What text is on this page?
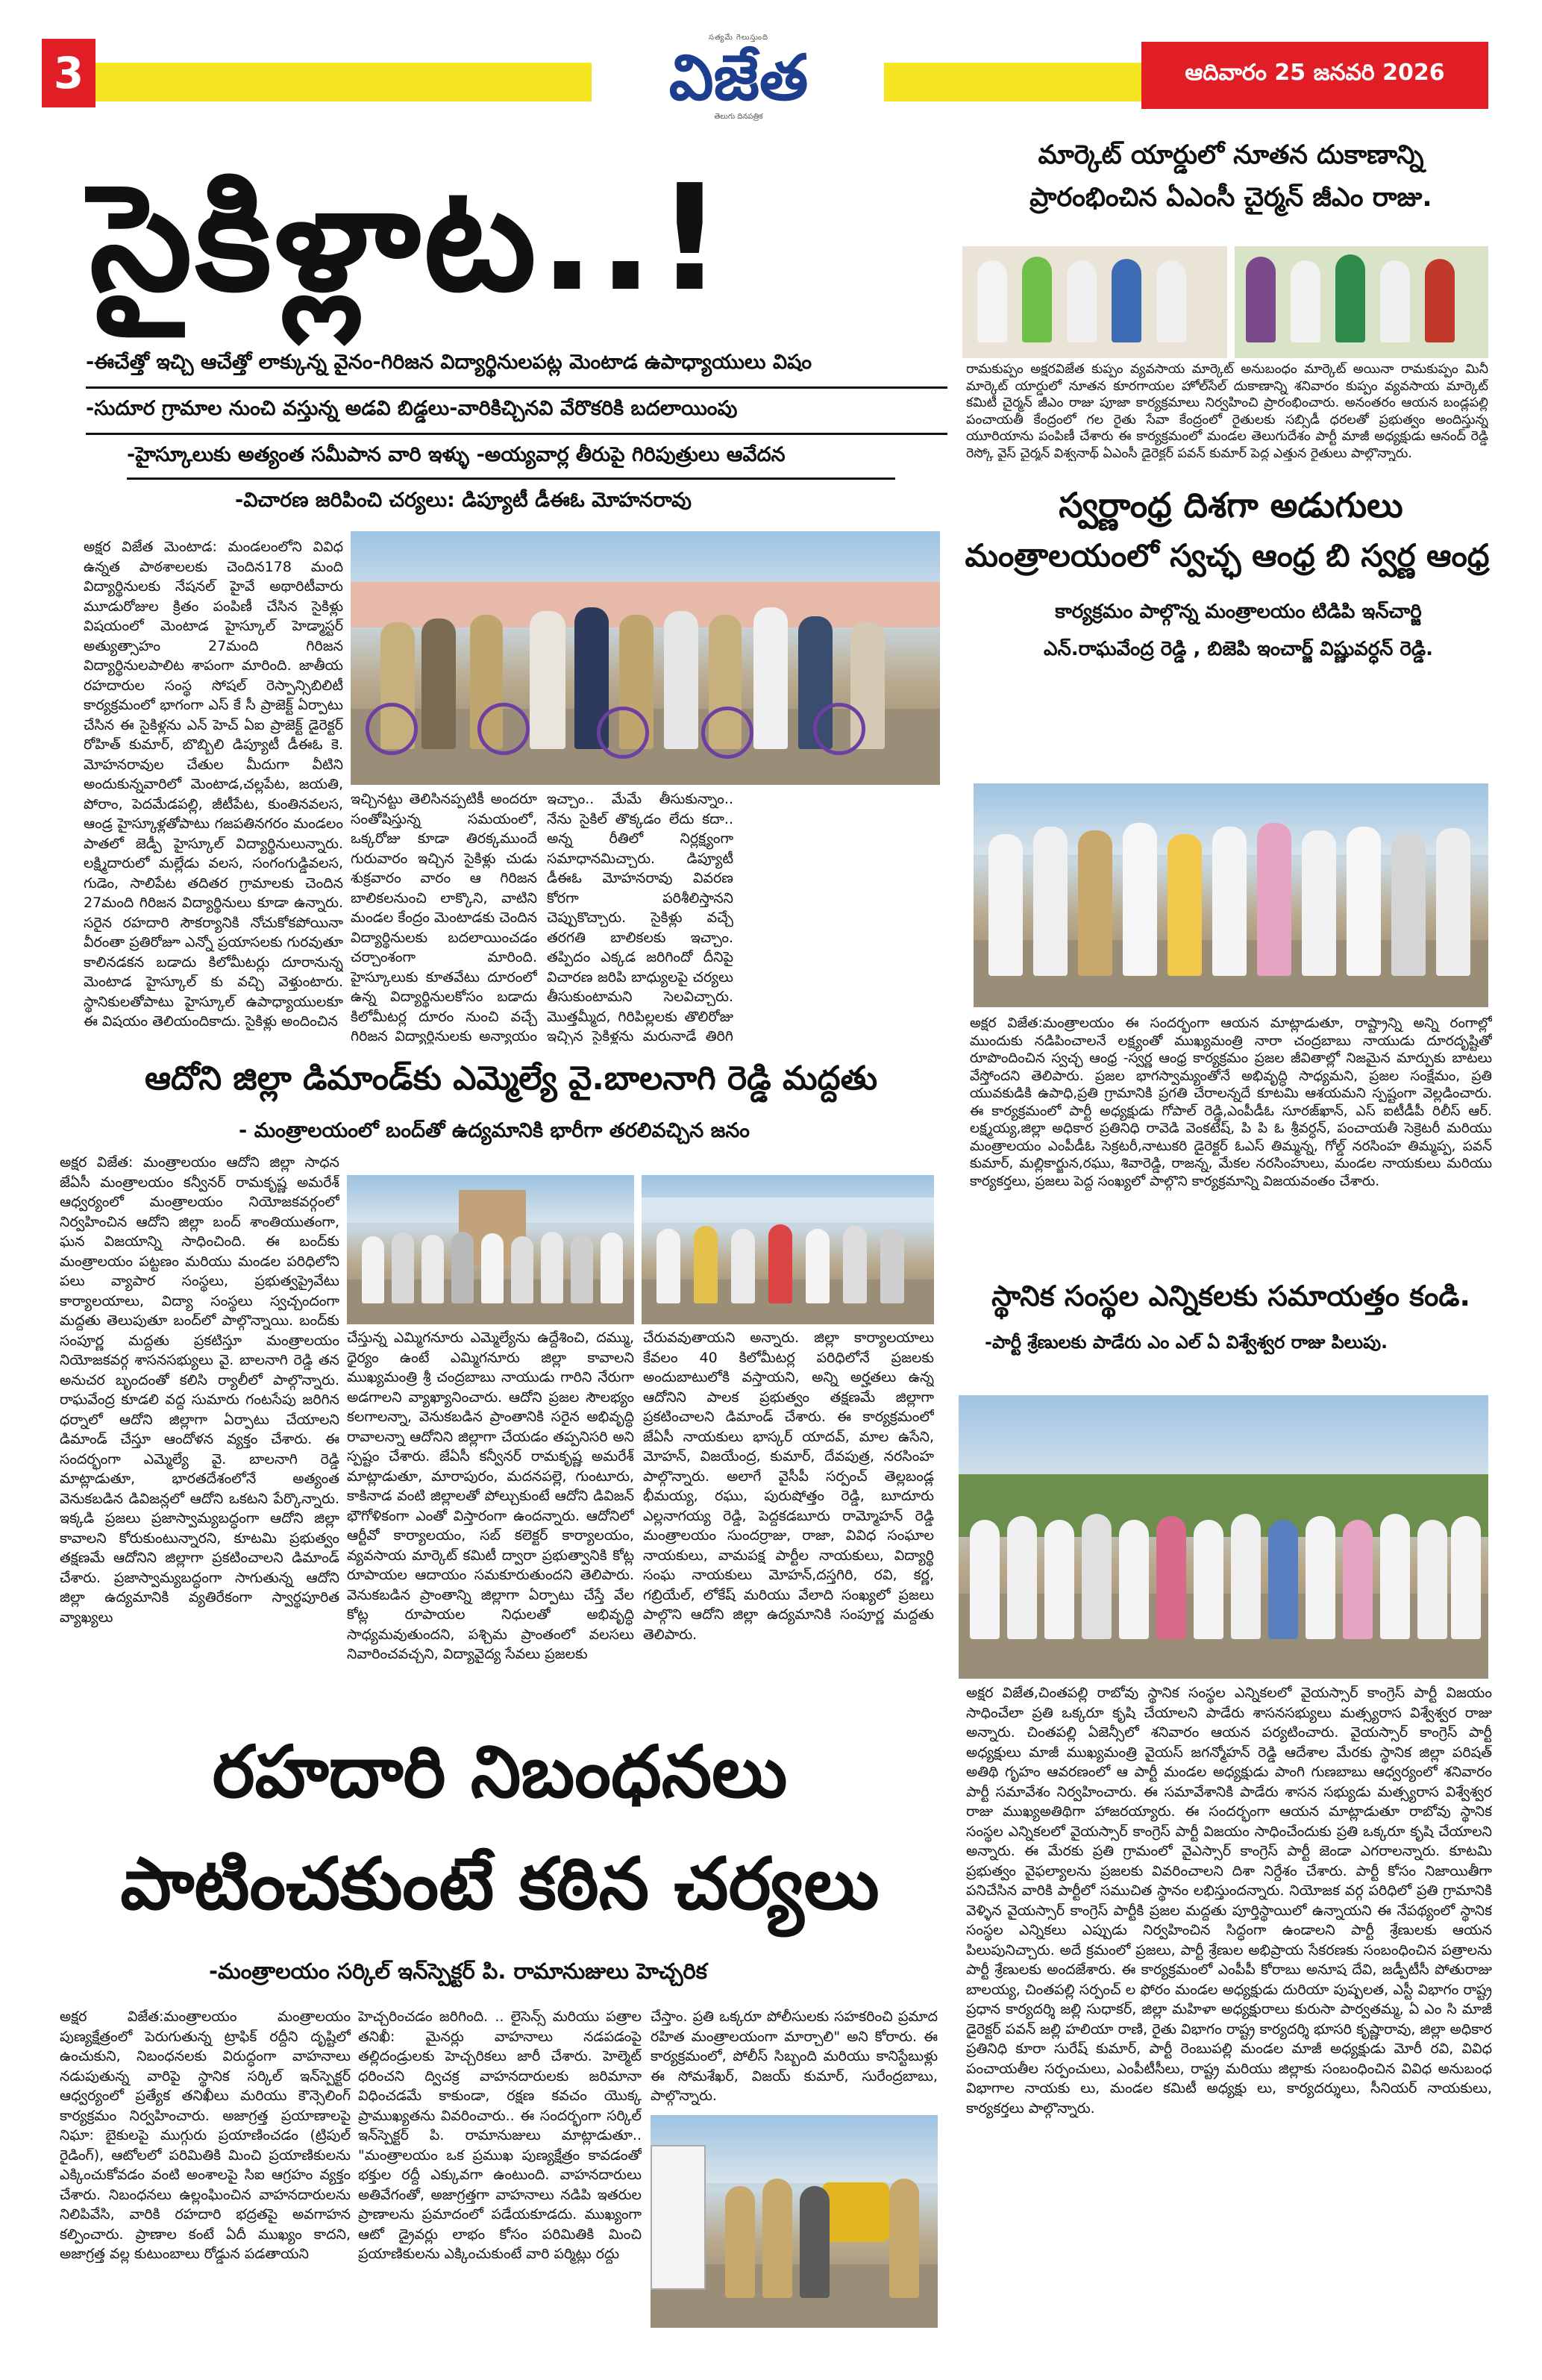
3
సత్యమే గెలుస్తుంది
విజేత
తెలుగు దినపత్రిక
ఆదివారం 25 జనవరి 2026
సైకిళ్లాట..!
-ఈచేత్తో ఇచ్చి ఆచేత్తో లాక్కున్న వైనం-గిరిజన విద్యార్థినులపట్ల మెంటాడ ఉపాధ్యాయులు విషం
-సుదూర గ్రామాల నుంచి వస్తున్న అడవి బిడ్డలు-వారికిచ్చినవి వేరొకరికి బదలాయింపు
-హైస్కూలుకు అత్యంత సమీపాన వారి ఇళ్ళు -అయ్యవార్ల తీరుపై గిరిపుత్రులు ఆవేదన
-విచారణ జరిపించి చర్యలు: డిప్యూటీ డీఈఓ మోహనరావు
అక్షర విజేత మెంటాడ: మండలంలోని వివిధ ఉన్నత పాఠశాలలకు చెందిన178 మంది విద్యార్థినులకు నేషనల్ హైవే అథారిటీవారు మూడురోజుల క్రితం పంపిణీ చేసిన సైకిళ్లు విషయంలో మెంటాడ హైస్కూల్ హెడ్మాస్టర్ అత్యుత్సాహం 27మంది గిరిజన విద్యార్థినులపాలిట శాపంగా మారింది. జాతీయ రహదారుల సంస్థ సోషల్ రెస్పాన్సిబిలిటీ కార్యక్రమంలో భాగంగా ఎస్ కే సీ ప్రాజెక్ట్ ఏర్పాటు చేసిన ఈ సైకిళ్లను ఎన్ హెచ్ ఏఐ ప్రాజెక్ట్ డైరెక్టర్ రోహిత్ కుమార్, బొబ్బిలి డిప్యూటీ డీఈఓ కె. మోహనరావుల చేతుల మీదుగా వీటిని అందుకున్నవారిలో మెంటాడ,చల్లపేట, జయతి, పోరాం, పెదమేడపల్లి, జీటీపేట, కుంతినవలస, ఆండ్ర హైస్కూళ్లతోపాటు గజపతినగరం మండలం పాతలో జెడ్పీ హైస్కూల్ విద్యార్థినులున్నారు. లక్ష్మిదారులో మల్లేడు వలస, సంగంగుడ్డివలస, గుడెం, సాలిపేట తదితర గ్రామాలకు చెందిన 27మంది గిరిజన విద్యార్థినులు కూడా ఉన్నారు. సరైన రహదారి సౌకర్యానికి నోచుకోకపోయినా వీరంతా ప్రతిరోజూ ఎన్నో ప్రయాసలకు గురవుతూ కాలినడకన బడాదు కిలోమీటర్లు దూరానున్న మెంటాడ హైస్కూల్ కు వచ్చి వెళ్తుంటారు. స్థానికులతోపాటు హైస్కూల్ ఉపాధ్యాయులకూ ఈ విషయం తెలియందికాదు. సైకిళ్లు అందించిన
ఇచ్చినట్టు తెలిసినప్పటికీ అందరూ సంతోషిస్తున్న సమయంలో, ఒక్కరోజు కూడా తిరక్కముందే గురువారం ఇచ్చిన సైకిళ్లు చుడు శుక్రవారం వారం ఆ గిరిజన బాలికలనుంచి లాక్కొని, వాటిని మండల కేంద్రం మెంటాడకు చెందిన విద్యార్థినులకు బదలాయించడం చర్చాంశంగా మారింది. హైస్కూలుకు కూతవేటు దూరంలో ఉన్న విద్యార్థినులకోసం బడాదు కిలోమీటర్ల దూరం నుంచి వచ్చే గిరిజన విద్యార్థినులకు అన్యాయం
ఇచ్చాం.. మేమే తీసుకున్నాం.. నేను సైకిల్ తొక్కడం లేదు కదా.. అన్న రీతిలో నిర్లక్ష్యంగా సమాధానమిచ్చారు. డిప్యూటీ డీఈఓ మోహనరావు వివరణ కోరగా పరిశీలిస్తానని చెప్పుకొచ్చారు. సైకిళ్లు వచ్చే తరగతి బాలికలకు ఇచ్చాం. తప్పిదం ఎక్కడ జరిగిందో దీనిపై విచారణ జరిపి బాధ్యులపై చర్యలు తీసుకుంటామని సెలవిచ్చారు. మొత్తమ్మీద, గిరిపిల్లలకు తొలిరోజు ఇచ్చిన సైకిళ్లను మరునాడే తిరిగి
ఆదోని జిల్లా డిమాండ్‌కు ఎమ్మెల్యే వై.బాలనాగి రెడ్డి మద్దతు
- మంత్రాలయంలో బంద్‌తో ఉద్యమానికి భారీగా తరలివచ్చిన జనం
అక్షర విజేత: మంత్రాలయం ఆదోని జిల్లా సాధన జేఏసీ మంత్రాలయం కన్వీనర్ రామకృష్ణ అమరేశ్ ఆధ్వర్యంలో మంత్రాలయం నియోజకవర్గంలో నిర్వహించిన ఆదోని జిల్లా బంద్ శాంతియుతంగా, ఘన విజయాన్ని సాధించింది. ఈ బంద్‌కు మంత్రాలయం పట్టణం మరియు మండల పరిధిలోని పలు వ్యాపార సంస్థలు, ప్రభుత్వప్రైవేటు కార్యాలయాలు, విద్యా సంస్థలు స్వచ్చందంగా మద్దతు తెలుపుతూ బంద్‌లో పాల్గొన్నాయి. బంద్‌కు సంపూర్ణ మద్దతు ప్రకటిస్తూ మంత్రాలయం నియోజకవర్గ శాసనసభ్యులు వై. బాలనాగి రెడ్డి తన అనుచర బృందంతో కలిసి ర్యాలీలో పాల్గొన్నారు. రాఘవేంద్ర కూడలి వద్ద సుమారు గంటసేపు జరిగిన ధర్నాలో ఆదోని జిల్లాగా ఏర్పాటు చేయాలని డిమాండ్ చేస్తూ ఆందోళన వ్యక్తం చేశారు. ఈ సందర్భంగా ఎమ్మెల్యే వై. బాలనాగి రెడ్డి మాట్లాడుతూ, భారతదేశంలోనే అత్యంత వెనుకబడిన డివిజన్లలో ఆదోని ఒకటని పేర్కొన్నారు. ఇక్కడి ప్రజలు ప్రజాస్వామ్యబద్ధంగా ఆదోని జిల్లా కావాలని కోరుకుంటున్నారని, కూటమి ప్రభుత్వం తక్షణమే ఆదోనిని జిల్లాగా ప్రకటించాలని డిమాండ్ చేశారు. ప్రజాస్వామ్యబద్ధంగా సాగుతున్న ఆదోని జిల్లా ఉద్యమానికి వ్యతిరేకంగా స్వార్థపూరిత వ్యాఖ్యలు
చేస్తున్న ఎమ్మిగనూరు ఎమ్మెల్యేను ఉద్దేశించి, దమ్ము, ధైర్యం ఉంటే ఎమ్మిగనూరు జిల్లా కావాలని ముఖ్యమంత్రి శ్రీ చంద్రబాబు నాయుడు గారిని నేరుగా అడగాలని వ్యాఖ్యానించారు. ఆదోని ప్రజల సౌలభ్యం కలగాలన్నా, వెనుకబడిన ప్రాంతానికి సరైన అభివృద్ధి రావాలన్నా ఆదోనిని జిల్లాగా చేయడం తప్పనిసరి అని స్పష్టం చేశారు. జేఏసీ కన్వీనర్ రామకృష్ణ అమరేశ్ మాట్లాడుతూ, మారాపురం, మదనపల్లె, గుంటూరు, కాకినాడ వంటి జిల్లాలతో పోల్చుకుంటే ఆదోని డివిజన్ భౌగోళికంగా ఎంతో విస్తారంగా ఉందన్నారు. ఆదోనిలో ఆర్టీవో కార్యాలయం, సబ్ కలెక్టర్ కార్యాలయం, వ్యవసాయ మార్కెట్ కమిటీ ద్వారా ప్రభుత్వానికి కోట్ల రూపాయల ఆదాయం సమకూరుతుందని తెలిపారు. వెనుకబడిన ప్రాంతాన్ని జిల్లాగా ఏర్పాటు చేస్తే వేల కోట్ల రూపాయల నిధులతో అభివృద్ధి సాధ్యమవుతుందని, పశ్చిమ ప్రాంతంలో వలసలు నివారించవచ్చని, విద్యావైద్య సేవలు ప్రజలకు
చేరువవుతాయని అన్నారు. జిల్లా కార్యాలయాలు కేవలం 40 కిలోమీటర్ల పరిధిలోనే ప్రజలకు అందుబాటులోకి వస్తాయని, అన్ని అర్హతలు ఉన్న ఆదోనిని పాలక ప్రభుత్వం తక్షణమే జిల్లాగా ప్రకటించాలని డిమాండ్ చేశారు. ఈ కార్యక్రమంలో జేఏసీ నాయకులు భాస్కర్ యాదవ్, మాల ఉసేని, మోహన్, విజయేంద్ర, కుమార్, దేవపుత్ర, నరసింహ పాల్గొన్నారు. అలాగే వైసీపీ సర్పంచ్ తెల్లబండ్ల భీమయ్య, రఘు, పురుషోత్తం రెడ్డి, బూదూరు ఎల్లనాగయ్య రెడ్డి, పెద్దకడబూరు రామ్మోహన్ రెడ్డి మంత్రాలయం సుందర్రాజు, రాజా, వివిధ సంఘాల నాయకులు, వామపక్ష పార్టీల నాయకులు, విద్యార్థి సంఘ నాయకులు మోహన్,దస్తగిరి, రవి, కర్ణ, గబ్రియేల్, లోకేష్ మరియు వేలాది సంఖ్యలో ప్రజలు పాల్గొని ఆదోని జిల్లా ఉద్యమానికి సంపూర్ణ మద్దతు తెలిపారు.
రహదారి నిబంధనలు
పాటించకుంటే కఠిన చర్యలు
-మంత్రాలయం సర్కిల్ ఇన్‌స్పెక్టర్ పి. రామానుజులు హెచ్చరిక
అక్షర విజేత:మంత్రాలయం మంత్రాలయం పుణ్యక్షేత్రంలో పెరుగుతున్న ట్రాఫిక్ రద్దీని దృష్టిలో ఉంచుకుని, నిబంధనలకు విరుద్ధంగా వాహనాలు నడుపుతున్న వారిపై స్థానిక సర్కిల్ ఇన్‌స్పెక్టర్ ఆధ్వర్యంలో ప్రత్యేక తనిఖీలు మరియు కౌన్సెలింగ్ కార్యక్రమం నిర్వహించారు. అజాగ్రత్త ప్రయాణాలపై నిఘా: బైకులపై ముగ్గురు ప్రయాణించడం (ట్రిపుల్ రైడింగ్), ఆటోలలో పరిమితికి మించి ప్రయాణికులను ఎక్కించుకోవడం వంటి అంశాలపై సిఐ ఆగ్రహం వ్యక్తం చేశారు. నిబంధనలు ఉల్లంఘించిన వాహనదారులను నిలిపివేసి, వారికి రహదారి భద్రతపై అవగాహన కల్పించారు. ప్రాణాల కంటే ఏదీ ముఖ్యం కాదని, అజాగ్రత్త వల్ల కుటుంబాలు రోడ్డున పడతాయని
హెచ్చరించడం జరిగింది. .. లైసెన్స్ మరియు పత్రాల తనిఖీ: మైనర్లు వాహనాలు నడపడంపై తల్లిదండ్రులకు హెచ్చరికలు జారీ చేశారు. హెల్మెట్ ధరించని ద్విచక్ర వాహనదారులకు జరిమానా విధించడమే కాకుండా, రక్షణ కవచం యొక్క ప్రాముఖ్యతను వివరించారు.. ఈ సందర్భంగా సర్కిల్ ఇన్‌స్పెక్టర్ పి. రామానుజులు మాట్లాడుతూ.. "మంత్రాలయం ఒక ప్రముఖ పుణ్యక్షేత్రం కావడంతో భక్తుల రద్దీ ఎక్కువగా ఉంటుంది. వాహనదారులు అతివేగంతో, అజాగ్రత్తగా వాహనాలు నడిపి ఇతరుల ప్రాణాలను ప్రమాదంలో పడేయకూడదు. ముఖ్యంగా ఆటో డ్రైవర్లు లాభం కోసం పరిమితికి మించి ప్రయాణికులను ఎక్కించుకుంటే వారి పర్మిట్లు రద్దు
చేస్తాం. ప్రతి ఒక్కరూ పోలీసులకు సహకరించి ప్రమాద రహిత మంత్రాలయంగా మార్చాలి" అని కోరారు. ఈ కార్యక్రమంలో, పోలీస్ సిబ్బంది మరియు కానిస్టేబుళ్లు ఈ సోమశేఖర్, విజయ్ కుమార్, సురేంద్రబాబు, పాల్గొన్నారు.
మార్కెట్ యార్డులో నూతన దుకాణాన్ని
ప్రారంభించిన ఏఎంసీ చైర్మన్ జీఎం రాజు.
రామకుప్పం అక్షరవిజేత కుప్పం వ్యవసాయ మార్కెట్ అనుబంధం మార్కెట్ అయినా రామకుప్పం మినీ మార్కెట్ యార్డులో నూతన కూరగాయల హోల్‌సేల్ దుకాణాన్ని శనివారం కుప్పం వ్యవసాయ మార్కెట్ కమిటీ చైర్మన్ జీఎం రాజు పూజా కార్యక్రమాలు నిర్వహించి ప్రారంభించారు. అనంతరం ఆయన బండ్లపల్లి పంచాయతీ కేంద్రంలో గల రైతు సేవా కేంద్రంలో రైతులకు సబ్సిడీ ధరలతో ప్రభుత్వం అందిస్తున్న యూరియాను పంపిణీ చేశారు ఈ కార్యక్రమంలో మండల తెలుగుదేశం పార్టీ మాజీ అధ్యక్షుడు ఆనంద్ రెడ్డి రెస్కో వైస్ చైర్మన్ విశ్వనాథ్ ఏఎంసీ డైరెక్టర్ పవన్ కుమార్ పెద్ద ఎత్తున రైతులు పాల్గొన్నారు.
స్వర్ణాంధ్ర దిశగా అడుగులు
మంత్రాలయంలో స్వచ్ఛ ఆంధ్ర బి స్వర్ణ ఆంధ్ర
కార్యక్రమం పాల్గొన్న మంత్రాలయం టిడిపి ఇన్‌చార్జి
ఎన్.రాఘవేంద్ర రెడ్డి , బిజెపి ఇంచార్జ్ విష్ణువర్ధన్ రెడ్డి.
అక్షర విజేత:మంత్రాలయం ఈ సందర్భంగా ఆయన మాట్లాడుతూ, రాష్ట్రాన్ని అన్ని రంగాల్లో ముందుకు నడిపించాలనే లక్ష్యంతో ముఖ్యమంత్రి నారా చంద్రబాబు నాయుడు దూరదృష్టితో రూపొందించిన స్వచ్ఛ ఆంధ్ర -స్వర్ణ ఆంధ్ర కార్యక్రమం ప్రజల జీవితాల్లో నిజమైన మార్పుకు బాటలు వేస్తోందని తెలిపారు. ప్రజల భాగస్వామ్యంతోనే అభివృద్ధి సాధ్యమని, ప్రజల సంక్షేమం, ప్రతి యువకుడికి ఉపాధి,ప్రతి గ్రామానికి ప్రగతి చేరాలన్నదే కూటమి ఆశయమని స్పష్టంగా వెల్లడించారు. ఈ కార్యక్రమంలో పార్టీ అధ్యక్షుడు గోపాల్ రెడ్డి,ఎంపీడీఓ సూరజ్‌ఖాన్, ఎస్ ఐటీడీపీ రిలీస్ ఆర్. లక్ష్మయ్య,జిల్లా అధికార ప్రతినిధి రావెడి వెంకటేష్, పి పి ఓ శ్రీవర్ధన్, పంచాయతీ సెక్రెటరీ మరియు మంత్రాలయం ఎంపీడీఓ సెక్రటరీ,నాటుకరి డైరెక్టర్ ఓఎస్ తిమ్మన్న, గోల్డ్ నరసింహ తిమ్మప్ప, పవన్ కుమార్, మల్లికార్జున,రఘు, శివారెడ్డి, రాజన్న, మేకల నరసింహులు, మండల నాయకులు మరియు కార్యకర్తలు, ప్రజలు పెద్ద సంఖ్యలో పాల్గొని కార్యక్రమాన్ని విజయవంతం చేశారు.
స్థానిక సంస్థల ఎన్నికలకు సమాయత్తం కండి.
-పార్టీ శ్రేణులకు పాడేరు ఎం ఎల్ ఏ విశ్వేశ్వర రాజు పిలుపు.
అక్షర విజేత,చింతపల్లి రాబోవు స్థానిక సంస్థల ఎన్నికలలో వైయస్సార్ కాంగ్రెస్ పార్టీ విజయం సాధించేలా ప్రతి ఒక్కరూ కృషి చేయాలని పాడేరు శాసనసభ్యులు మత్స్యరాస విశ్వేశ్వర రాజు అన్నారు. చింతపల్లి ఏజెన్సీలో శనివారం ఆయన పర్యటించారు. వైయస్సార్ కాంగ్రెస్ పార్టీ అధ్యక్షులు మాజీ ముఖ్యమంత్రి వైయస్ జగన్మోహన్ రెడ్డి ఆదేశాల మేరకు స్థానిక జిల్లా పరిషత్ అతిథి గృహం ఆవరణంలో ఆ పార్టీ మండల అధ్యక్షుడు పాంగి గుణబాబు ఆధ్వర్యంలో శనివారం పార్టీ సమావేశం నిర్వహించారు. ఈ సమావేశానికి పాడేరు శాసన సభ్యుడు మత్స్యరాస విశ్వేశ్వర రాజు ముఖ్యఅతిథిగా హాజరయ్యారు. ఈ సందర్భంగా ఆయన మాట్లాడుతూ రాబోవు స్థానిక సంస్థల ఎన్నికలలో వైయస్సార్ కాంగ్రెస్ పార్టీ విజయం సాధించేందుకు ప్రతి ఒక్కరూ కృషి చేయాలని అన్నారు. ఈ మేరకు ప్రతి గ్రామంలో వైఎస్సార్ కాంగ్రెస్ పార్టీ జెండా ఎగరాలన్నారు. కూటమి ప్రభుత్వం వైఫల్యాలను ప్రజలకు వివరించాలని దిశా నిర్దేశం చేశారు. పార్టీ కోసం నిజాయితీగా పనిచేసిన వారికి పార్టీలో సముచిత స్థానం లభిస్తుందన్నారు. నియోజక వర్గ పరిధిలో ప్రతి గ్రామానికి వెళ్ళిన వైయస్సార్ కాంగ్రెస్ పార్టీకి ప్రజల మద్దతు పూర్తిస్థాయిలో ఉన్నాయని ఈ నేపథ్యంలో స్థానిక సంస్థల ఎన్నికలు ఎప్పుడు నిర్వహించిన సిద్ధంగా ఉండాలని పార్టీ శ్రేణులకు ఆయన పిలుపునిచ్చారు. అదే క్రమంలో ప్రజలు, పార్టీ శ్రేణుల అభిప్రాయ సేకరణకు సంబంధించిన పత్రాలను పార్టీ శ్రేణులకు అందజేశారు. ఈ కార్యక్రమంలో ఎంపీపీ కోరాబు అనూష దేవి, జడ్పీటీసీ పోతురాజు బాలయ్య, చింతపల్లి సర్పంచ్ ల ఫోరం మండల అధ్యక్షుడు దురియా పుష్పలత, ఎస్టీ విభాగం రాష్ట్ర ప్రధాన కార్యదర్శి జల్లి సుధాకర్, జిల్లా మహిళా అధ్యక్షురాలు కురుసా పార్వతమ్మ, ఏ ఎం సి మాజీ డైరెక్టర్ పవన్ జల్లి హలియా రాణి, రైతు విభాగం రాష్ట్ర కార్యదర్శి భూసరి కృష్ణారావు, జిల్లా అధికార ప్రతినిధి కూరా సురేష్ కుమార్, పార్టీ రెంబుపల్లి మండల మాజీ అధ్యక్షుడు మోరీ రవి, వివిధ పంచాయతీల సర్పంచులు, ఎంపీటీసీలు, రాష్ట్ర మరియు జిల్లాకు సంబంధించిన వివిధ అనుబంధ విభాగాల నాయకు లు, మండల కమిటీ అధ్యక్షు లు, కార్యదర్శులు, సీనియర్ నాయకులు, కార్యకర్తలు పాల్గొన్నారు.
